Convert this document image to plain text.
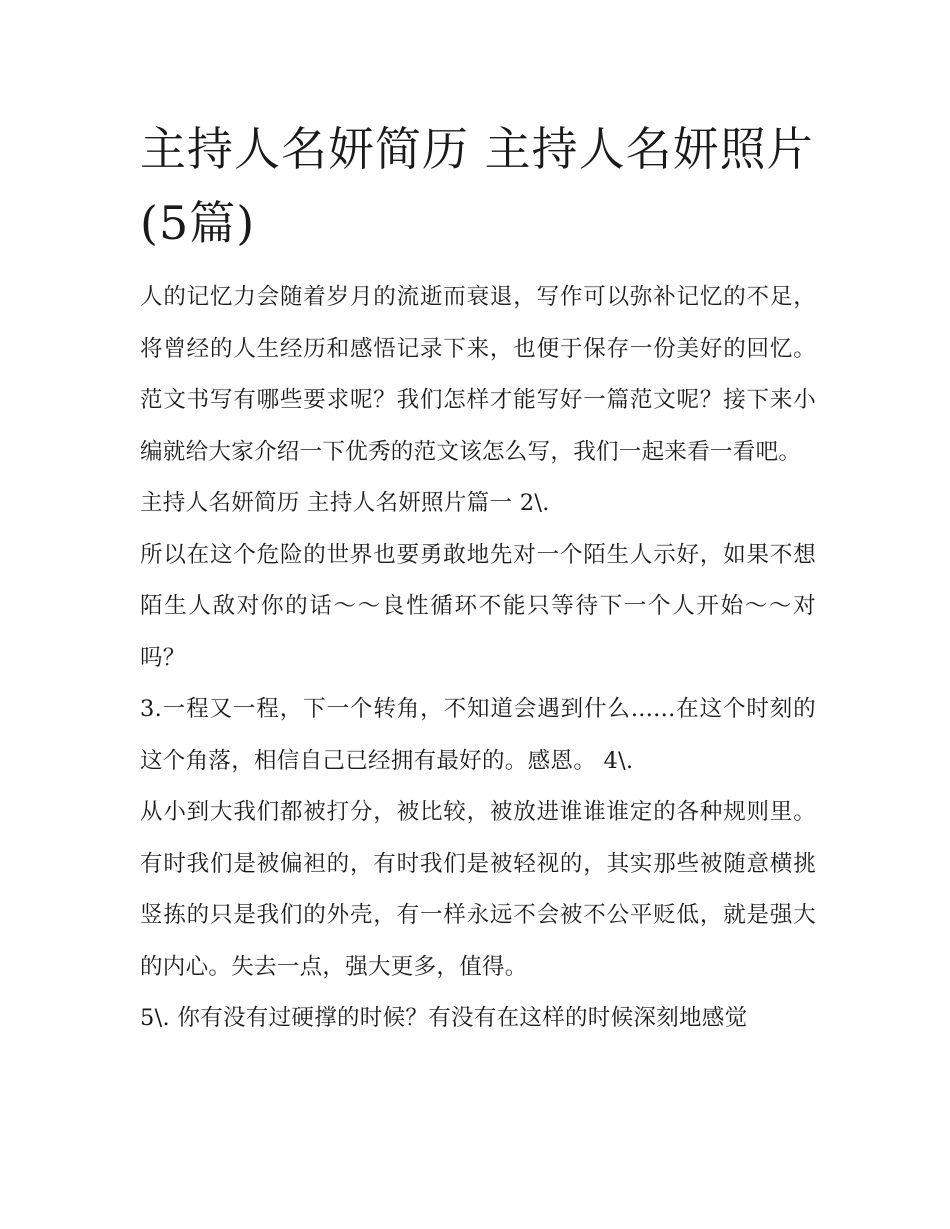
主持人名妍简历 主持人名妍照片(5篇)

人的记忆力会随着岁月的流逝而衰退，写作可以弥补记忆的不足，将曾经的人生经历和感悟记录下来，也便于保存一份美好的回忆。范文书写有哪些要求呢？我们怎样才能写好一篇范文呢？接下来小编就给大家介绍一下优秀的范文该怎么写，我们一起来看一看吧。

主持人名妍简历 主持人名妍照片篇一 2\.

所以在这个危险的世界也要勇敢地先对一个陌生人示好，如果不想陌生人敌对你的话～～良性循环不能只等待下一个人开始～～对吗？

3.一程又一程，下一个转角，不知道会遇到什么......在这个时刻的这个角落，相信自己已经拥有最好的。感恩。 4\.

从小到大我们都被打分，被比较，被放进谁谁谁定的各种规则里。有时我们是被偏袒的，有时我们是被轻视的，其实那些被随意横挑竖拣的只是我们的外壳，有一样永远不会被不公平贬低，就是强大的内心。失去一点，强大更多，值得。

5\. 你有没有过硬撑的时候？有没有在这样的时候深刻地感觉
